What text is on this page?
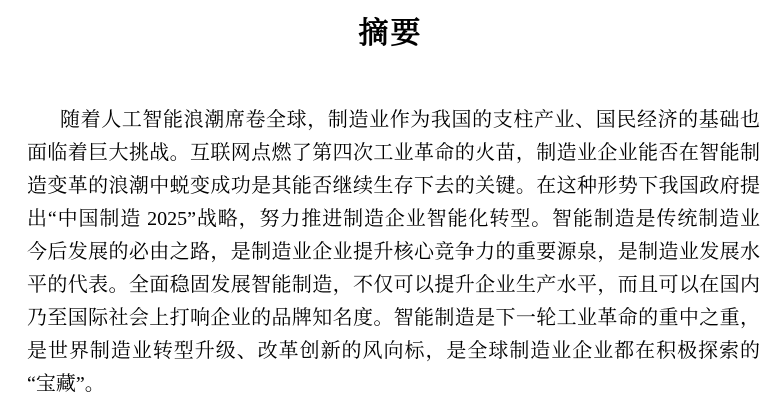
摘要
随着人工智能浪潮席卷全球，制造业作为我国的支柱产业、国民经济的基础也
面临着巨大挑战。互联网点燃了第四次工业革命的火苗，制造业企业能否在智能制
造变革的浪潮中蜕变成功是其能否继续生存下去的关键。在这种形势下我国政府提
出“中国制造 2025”战略，努力推进制造企业智能化转型。智能制造是传统制造业
今后发展的必由之路，是制造业企业提升核心竞争力的重要源泉，是制造业发展水
平的代表。全面稳固发展智能制造，不仅可以提升企业生产水平，而且可以在国内
乃至国际社会上打响企业的品牌知名度。智能制造是下一轮工业革命的重中之重，
是世界制造业转型升级、改革创新的风向标，是全球制造业企业都在积极探索的
“宝藏”。
